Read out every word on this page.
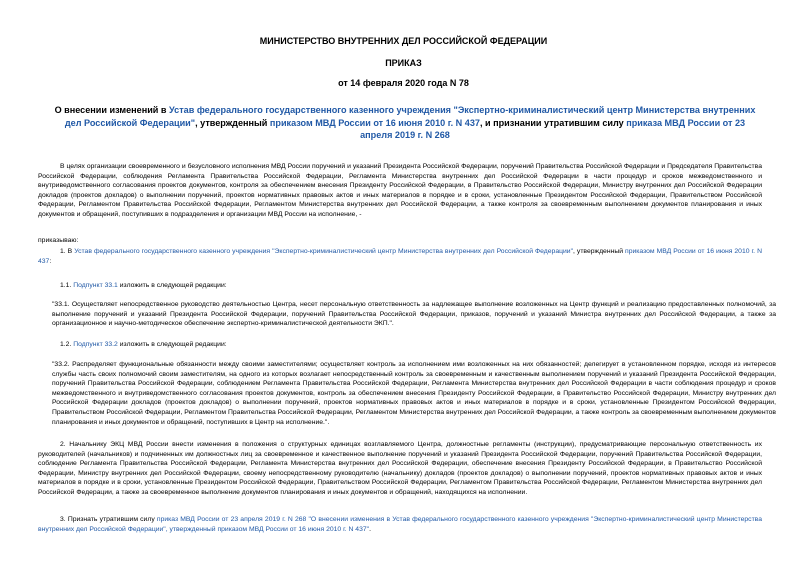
МИНИСТЕРСТВО ВНУТРЕННИХ ДЕЛ РОССИЙСКОЙ ФЕДЕРАЦИИ
ПРИКАЗ
от 14 февраля 2020 года N 78
О внесении изменений в Устав федерального государственного казенного учреждения "Экспертно-криминалистический центр Министерства внутренних дел Российской Федерации", утвержденный приказом МВД России от 16 июня 2010 г. N 437, и признании утратившим силу приказа МВД России от 23 апреля 2019 г. N 268

В целях организации своевременного и безусловного исполнения МВД России поручений и указаний Президента Российской Федерации, поручений Правительства Российской Федерации и Председателя Правительства Российской Федерации, соблюдения Регламента Правительства Российской Федерации, Регламента Министерства внутренних дел Российской Федерации в части процедур и сроков межведомственного и внутриведомственного согласования проектов документов, контроля за обеспечением внесения Президенту Российской Федерации, в Правительство Российской Федерации, Министру внутренних дел Российской Федерации докладов (проектов докладов) о выполнении поручений, проектов нормативных правовых актов и иных материалов в порядке и в сроки, установленные Президентом Российской Федерации, Правительством Российской Федерации, Регламентом Правительства Российской Федерации, Регламентом Министерства внутренних дел Российской Федерации, а также контроля за своевременным выполнением документов планирования и иных документов и обращений, поступивших в подразделения и организации МВД России на исполнение, -

приказываю:

1. В Устав федерального государственного казенного учреждения "Экспертно-криминалистический центр Министерства внутренних дел Российской Федерации", утвержденный приказом МВД России от 16 июня 2010 г. N 437:

1.1. Подпункт 33.1 изложить в следующей редакции:

"33.1. Осуществляет непосредственное руководство деятельностью Центра, несет персональную ответственность за надлежащее выполнение возложенных на Центр функций и реализацию предоставленных полномочий, за выполнение поручений и указаний Президента Российской Федерации, поручений Правительства Российской Федерации, приказов, поручений и указаний Министра внутренних дел Российской Федерации, а также за организационное и научно-методическое обеспечение экспертно-криминалистической деятельности ЭКП.".

1.2. Подпункт 33.2 изложить в следующей редакции:

"33.2. Распределяет функциональные обязанности между своими заместителями; осуществляет контроль за исполнением ими возложенных на них обязанностей; делегирует в установленном порядке, исходя из интересов службы часть своих полномочий своим заместителям, на одного из которых возлагает непосредственный контроль за своевременным и качественным выполнением поручений и указаний Президента Российской Федерации, поручений Правительства Российской Федерации, соблюдением Регламента Правительства Российской Федерации, Регламента Министерства внутренних дел Российской Федерации в части соблюдения процедур и сроков межведомственного и внутриведомственного согласования проектов документов, контроль за обеспечением внесения Президенту Российской Федерации, в Правительство Российской Федерации, Министру внутренних дел Российской Федерации докладов (проектов докладов) о выполнении поручений, проектов нормативных правовых актов и иных материалов в порядке и в сроки, установленные Президентом Российской Федерации, Правительством Российской Федерации, Регламентом Правительства Российской Федерации, Регламентом Министерства внутренних дел Российской Федерации, а также контроль за своевременным выполнением документов планирования и иных документов и обращений, поступивших в Центр на исполнение.".

2. Начальнику ЭКЦ МВД России внести изменения в положения о структурных единицах возглавляемого Центра, должностные регламенты (инструкции), предусматривающие персональную ответственность их руководителей (начальников) и подчиненных им должностных лиц за своевременное и качественное выполнение поручений и указаний Президента Российской Федерации, поручений Правительства Российской Федерации, соблюдение Регламента Правительства Российской Федерации, Регламента Министерства внутренних дел Российской Федерации, обеспечение внесения Президенту Российской Федерации, в Правительство Российской Федерации, Министру внутренних дел Российской Федерации, своему непосредственному руководителю (начальнику) докладов (проектов докладов) о выполнении поручений, проектов нормативных правовых актов и иных материалов в порядке и в сроки, установленные Президентом Российской Федерации, Правительством Российской Федерации, Регламентом Правительства Российской Федерации, Регламентом Министерства внутренних дел Российской Федерации, а также за своевременное выполнение документов планирования и иных документов и обращений, находящихся на исполнении.

3. Признать утратившим силу приказ МВД России от 23 апреля 2019 г. N 268 "О внесении изменения в Устав федерального государственного казенного учреждения "Экспертно-криминалистический центр Министерства внутренних дел Российской Федерации", утвержденный приказом МВД России от 16 июня 2010 г. N 437".
